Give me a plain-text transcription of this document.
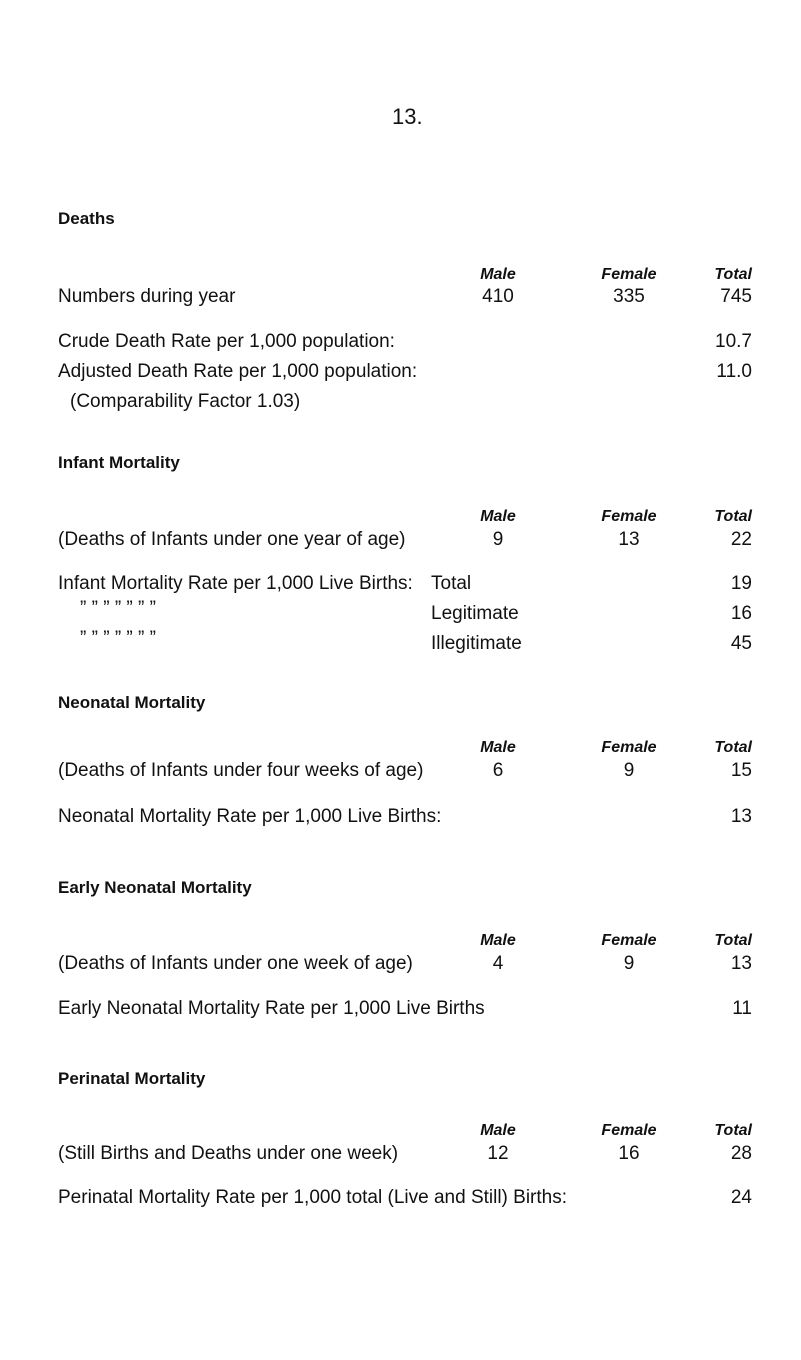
13.
Deaths
Male	Female	Total
Numbers during year	410	335	745
Crude Death Rate per 1,000 population:	10.7
Adjusted Death Rate per 1,000 population:	11.0
(Comparability Factor 1.03)
Infant Mortality
Male	Female	Total
(Deaths of Infants under one year of age)	9	13	22
Infant Mortality Rate per 1,000 Live Births: Total	19
” ” ” ” ” ” ”	Legitimate	16
” ” ” ” ” ” ”	Illegitimate	45
Neonatal Mortality
Male	Female	Total
(Deaths of Infants under four weeks of age)	6	9	15
Neonatal Mortality Rate per 1,000 Live Births:	13
Early Neonatal Mortality
Male	Female	Total
(Deaths of Infants under one week of age)	4	9	13
Early Neonatal Mortality Rate per 1,000 Live Births	11
Perinatal Mortality
Male	Female	Total
(Still Births and Deaths under one week)	12	16	28
Perinatal Mortality Rate per 1,000 total (Live and Still) Births:	24
